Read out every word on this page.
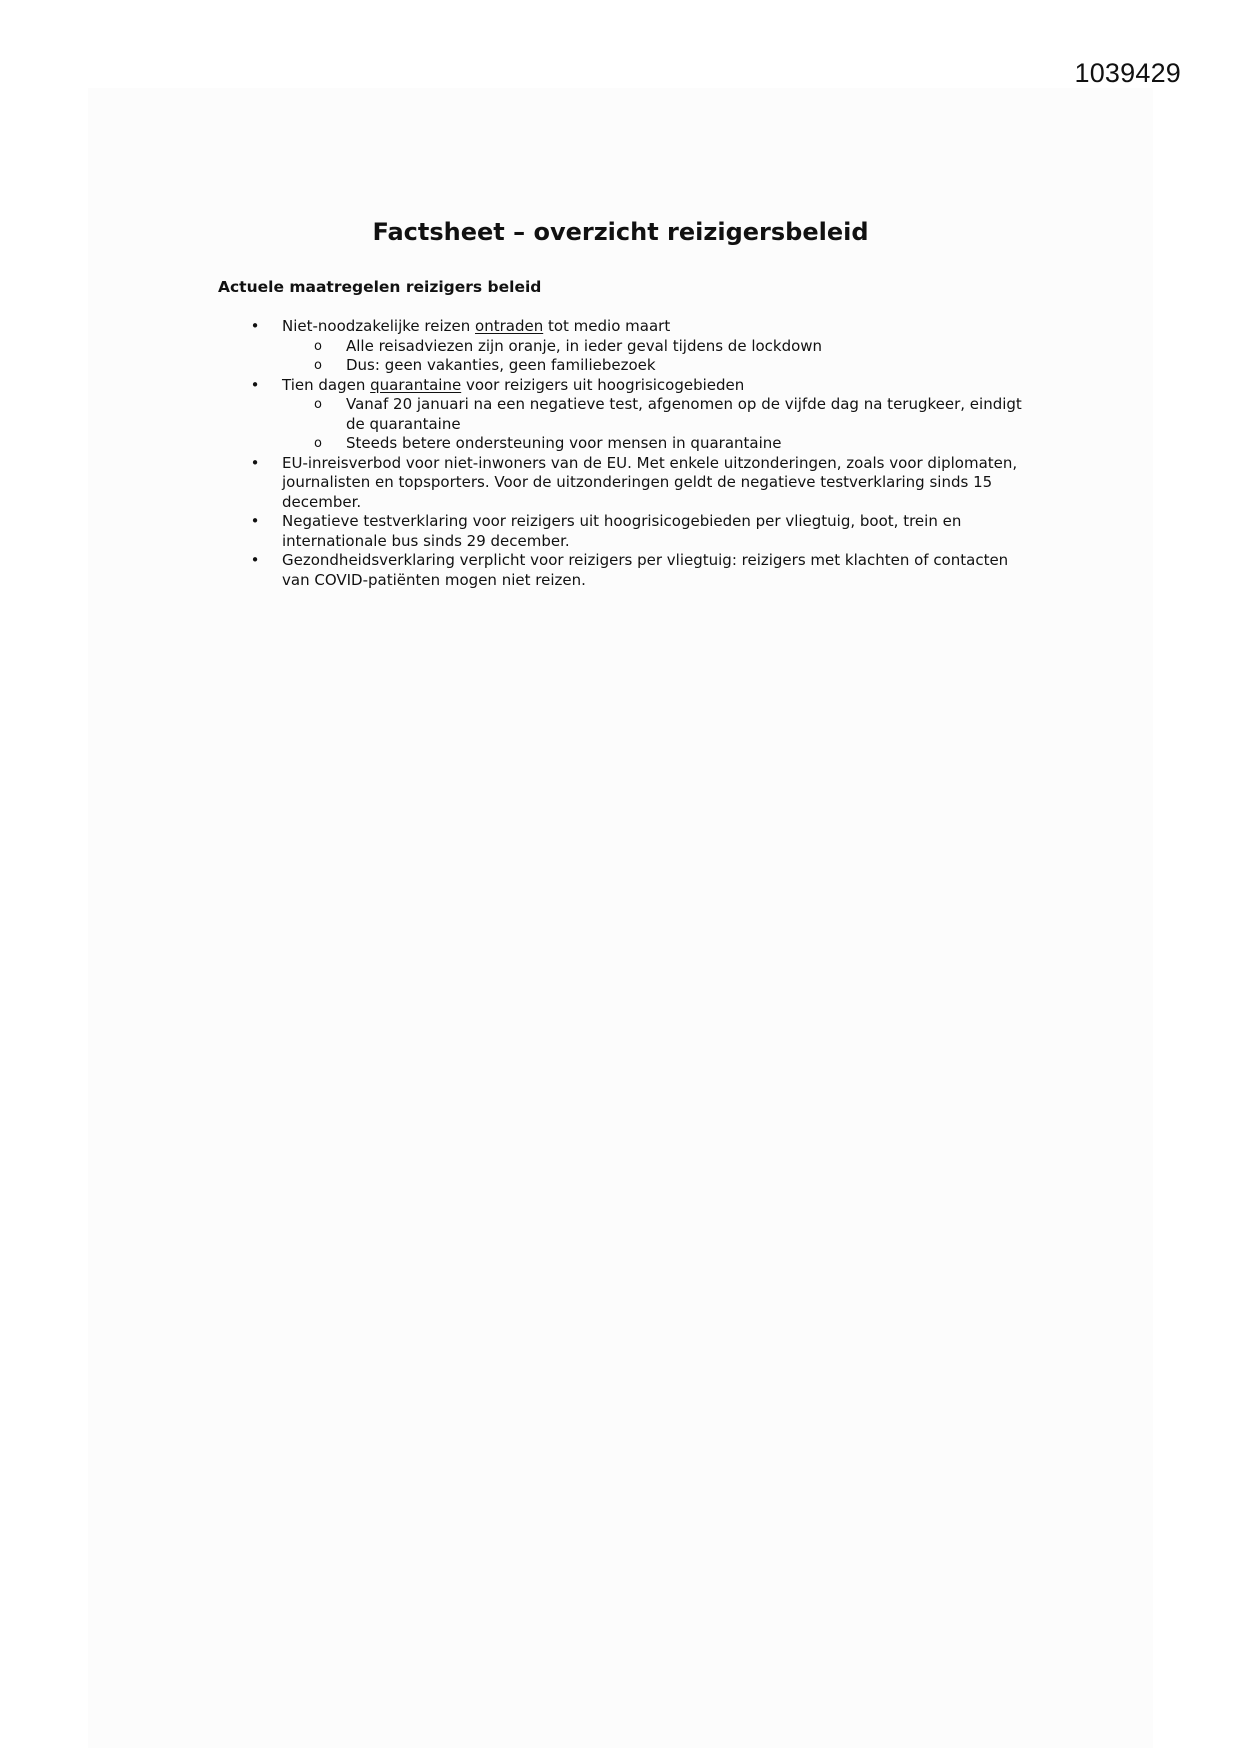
1039429
Factsheet – overzicht reizigersbeleid
Actuele maatregelen reizigers beleid
• Niet-noodzakelijke reizen ontraden tot medio maart
o Alle reisadviezen zijn oranje, in ieder geval tijdens de lockdown
o Dus: geen vakanties, geen familiebezoek
• Tien dagen quarantaine voor reizigers uit hoogrisicogebieden
o Vanaf 20 januari na een negatieve test, afgenomen op de vijfde dag na terugkeer, eindigt de quarantaine
o Steeds betere ondersteuning voor mensen in quarantaine
• EU-inreisverbod voor niet-inwoners van de EU. Met enkele uitzonderingen, zoals voor diplomaten, journalisten en topsporters. Voor de uitzonderingen geldt de negatieve testverklaring sinds 15 december.
• Negatieve testverklaring voor reizigers uit hoogrisicogebieden per vliegtuig, boot, trein en internationale bus sinds 29 december.
• Gezondheidsverklaring verplicht voor reizigers per vliegtuig: reizigers met klachten of contacten van COVID-patiënten mogen niet reizen.
